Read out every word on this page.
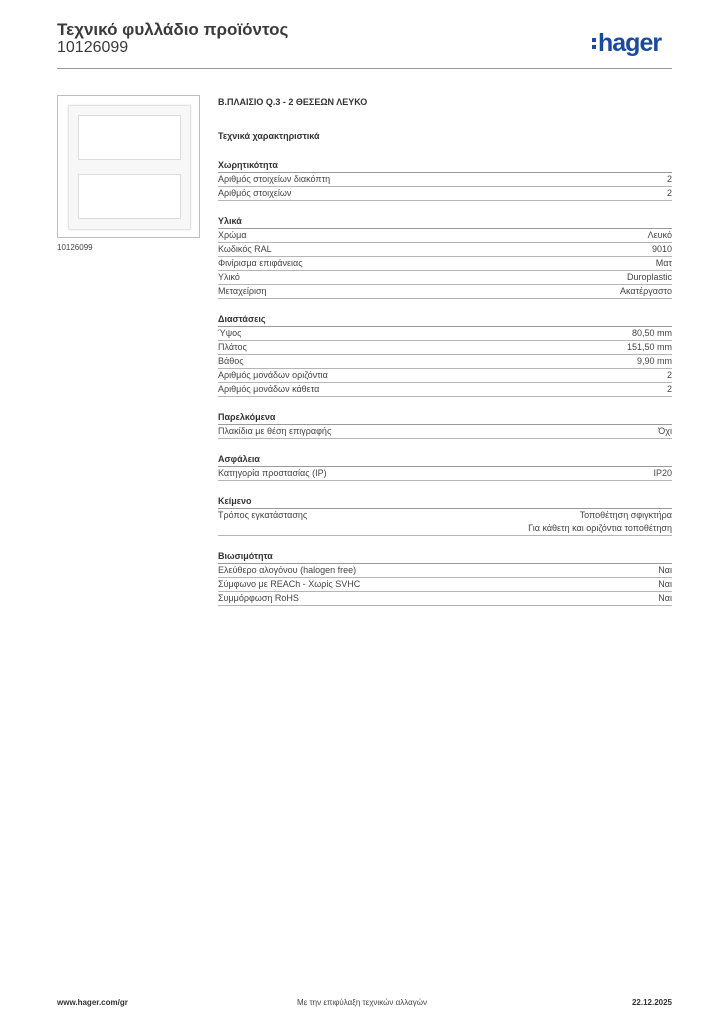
Τεχνικό φυλλάδιο προϊόντος
10126099	hager
10126099
Β.ΠΛΑΙΣΙΟ Q.3 - 2 ΘΕΣΕΩΝ ΛΕΥΚΟ
Τεχνικά χαρακτηριστικά
Χωρητικότητα
Αριθμός στοιχείων διακόπτη	2
Αριθμός στοιχείων	2
Υλικά
Χρώμα	Λευκό
Κωδικός RAL	9010
Φινίρισμα επιφάνειας	Ματ
Υλικό	Duroplastic
Μεταχείριση	Ακατέργαστο
Διαστάσεις
Ύψος	80,50 mm
Πλάτος	151,50 mm
Βάθος	9,90 mm
Αριθμός μονάδων οριζόντια	2
Αριθμός μονάδων κάθετα	2
Παρελκόμενα
Πλακίδια με θέση επιγραφής	Όχι
Ασφάλεια
Κατηγορία προστασίας (IP)	IP20
Κείμενο
Τρόπος εγκατάστασης	Τοποθέτηση σφιγκτήρα
Για κάθετη και οριζόντια τοποθέτηση
Βιωσιμότητα
Ελεύθερο αλογόνου (halogen free)	Ναι
Σύμφωνο με REACh - Χωρίς SVHC	Ναι
Συμμόρφωση RoHS	Ναι
www.hager.com/gr	Με την επιφύλαξη τεχνικών αλλαγών	22.12.2025
